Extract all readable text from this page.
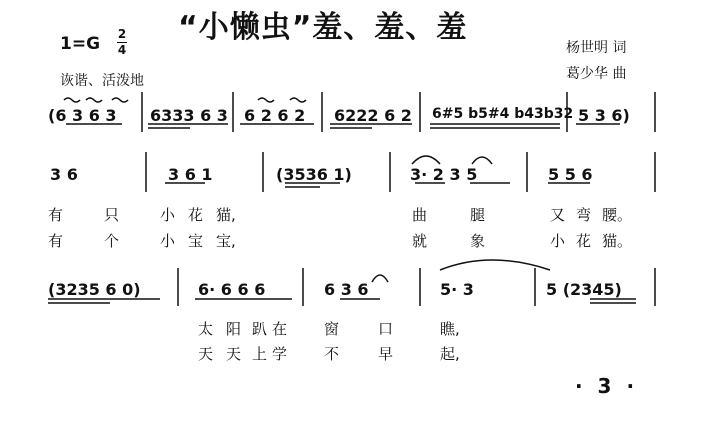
“小懒虫”羞、羞、羞
1=G 2
4
诙谐、活泼地
杨世明 词
葛少华 曲
(6 3 6 3 6333 6 3 6 2 6 2 6222 6 2 6#5 b5#4 b43b32 5 3 6)
3 6	3 6 1	(3536 1)	3· 2 3 5	5 5 6
有	只	小 花 猫,	曲	腿	又 弯 腰。
有	个	小 宝 宝,	就	象	小 花 猫。
(3235 6 0)	6· 6 6 6	6 3 6	5· 3	5 (2345)
太 阳 趴 在 窗	口	瞧,
天 天 上 学 不	早	起,
· 3 ·
